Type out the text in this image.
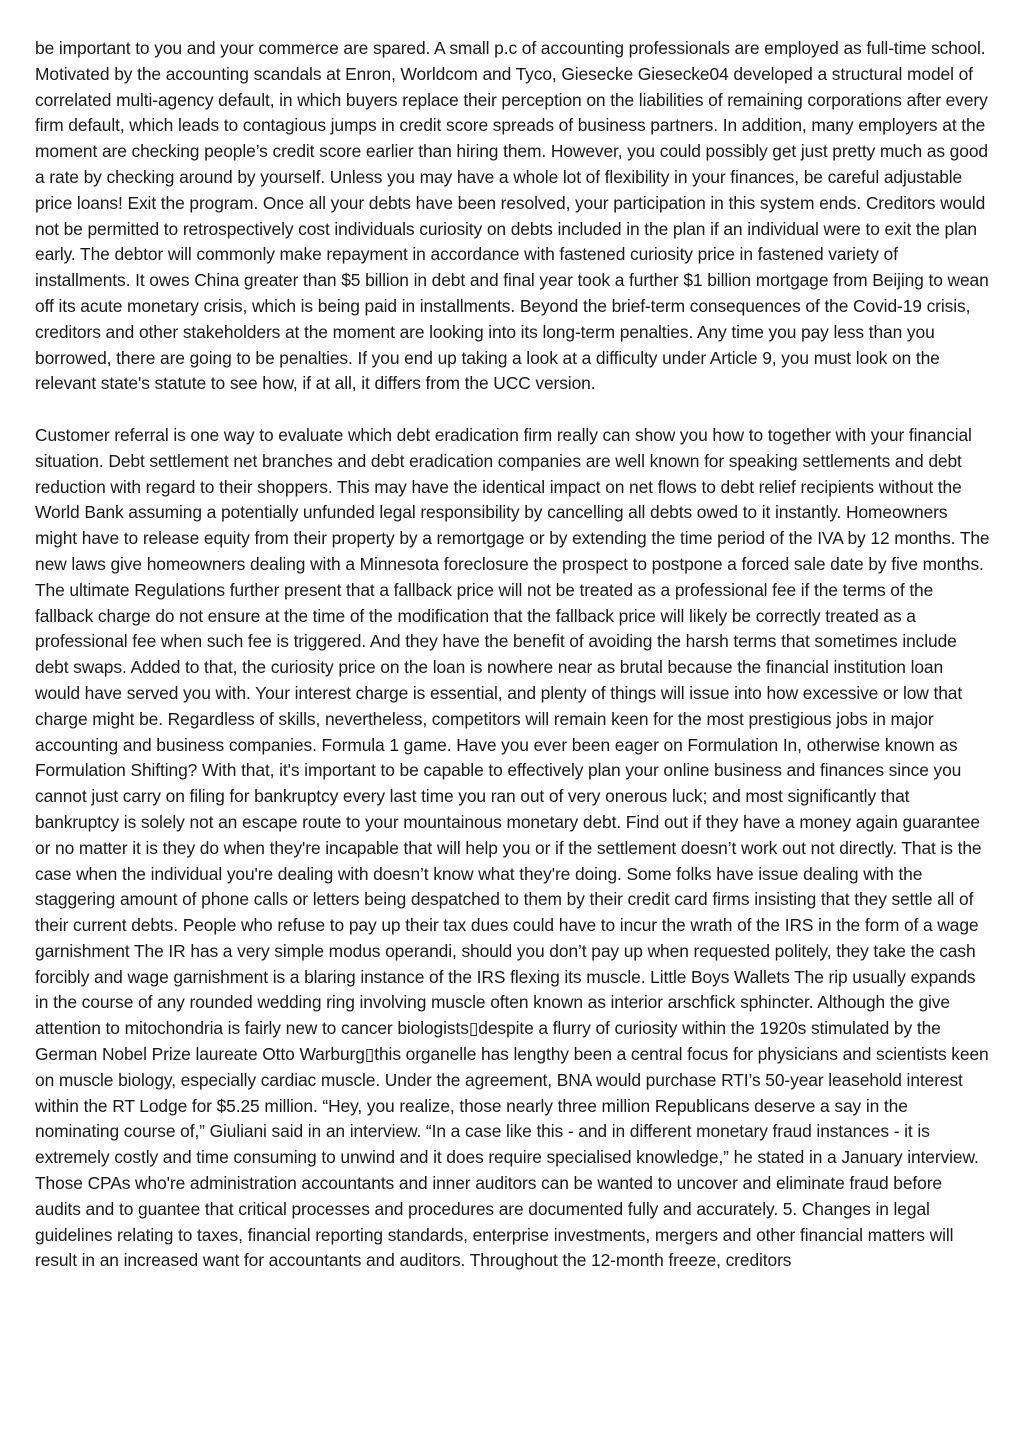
be important to you and your commerce are spared. A small p.c of accounting professionals are employed as full-time school. Motivated by the accounting scandals at Enron, Worldcom and Tyco, Giesecke Giesecke04 developed a structural model of correlated multi-agency default, in which buyers replace their perception on the liabilities of remaining corporations after every firm default, which leads to contagious jumps in credit score spreads of business partners. In addition, many employers at the moment are checking people’s credit score earlier than hiring them. However, you could possibly get just pretty much as good a rate by checking around by yourself. Unless you may have a whole lot of flexibility in your finances, be careful adjustable price loans! Exit the program. Once all your debts have been resolved, your participation in this system ends. Creditors would not be permitted to retrospectively cost individuals curiosity on debts included in the plan if an individual were to exit the plan early. The debtor will commonly make repayment in accordance with fastened curiosity price in fastened variety of installments. It owes China greater than $5 billion in debt and final year took a further $1 billion mortgage from Beijing to wean off its acute monetary crisis, which is being paid in installments. Beyond the brief-term consequences of the Covid-19 crisis, creditors and other stakeholders at the moment are looking into its long-term penalties. Any time you pay less than you borrowed, there are going to be penalties. If you end up taking a look at a difficulty under Article 9, you must look on the relevant state's statute to see how, if at all, it differs from the UCC version.

Customer referral is one way to evaluate which debt eradication firm really can show you how to together with your financial situation. Debt settlement net branches and debt eradication companies are well known for speaking settlements and debt reduction with regard to their shoppers. This may have the identical impact on net flows to debt relief recipients without the World Bank assuming a potentially unfunded legal responsibility by cancelling all debts owed to it instantly. Homeowners might have to release equity from their property by a remortgage or by extending the time period of the IVA by 12 months. The new laws give homeowners dealing with a Minnesota foreclosure the prospect to postpone a forced sale date by five months. The ultimate Regulations further present that a fallback price will not be treated as a professional fee if the terms of the fallback charge do not ensure at the time of the modification that the fallback price will likely be correctly treated as a professional fee when such fee is triggered. And they have the benefit of avoiding the harsh terms that sometimes include debt swaps. Added to that, the curiosity price on the loan is nowhere near as brutal because the financial institution loan would have served you with. Your interest charge is essential, and plenty of things will issue into how excessive or low that charge might be. Regardless of skills, nevertheless, competitors will remain keen for the most prestigious jobs in major accounting and business companies. Formula 1 game. Have you ever been eager on Formulation In, otherwise known as Formulation Shifting? With that, it's important to be capable to effectively plan your online business and finances since you cannot just carry on filing for bankruptcy every last time you ran out of very onerous luck; and most significantly that bankruptcy is solely not an escape route to your mountainous monetary debt. Find out if they have a money again guarantee or no matter it is they do when they're incapable that will help you or if the settlement doesn’t work out not directly. That is the case when the individual you're dealing with doesn’t know what they're doing. Some folks have issue dealing with the staggering amount of phone calls or letters being despatched to them by their credit card firms insisting that they settle all of their current debts. People who refuse to pay up their tax dues could have to incur the wrath of the IRS in the form of a wage garnishment The IR has a very simple modus operandi, should you don’t pay up when requested politely, they take the cash forcibly and wage garnishment is a blaring instance of the IRS flexing its muscle. Little Boys Wallets The rip usually expands in the course of any rounded wedding ring involving muscle often known as interior arschfick sphincter. Although the give attention to mitochondria is fairly new to cancer biologists▯despite a flurry of curiosity within the 1920s stimulated by the German Nobel Prize laureate Otto Warburg▯this organelle has lengthy been a central focus for physicians and scientists keen on muscle biology, especially cardiac muscle. Under the agreement, BNA would purchase RTI’s 50-year leasehold interest within the RT Lodge for $5.25 million. “Hey, you realize, those nearly three million Republicans deserve a say in the nominating course of,” Giuliani said in an interview. “In a case like this - and in different monetary fraud instances - it is extremely costly and time consuming to unwind and it does require specialised knowledge,” he stated in a January interview. Those CPAs who're administration accountants and inner auditors can be wanted to uncover and eliminate fraud before audits and to guantee that critical processes and procedures are documented fully and accurately. 5. Changes in legal guidelines relating to taxes, financial reporting standards, enterprise investments, mergers and other financial matters will result in an increased want for accountants and auditors. Throughout the 12-month freeze, creditors
